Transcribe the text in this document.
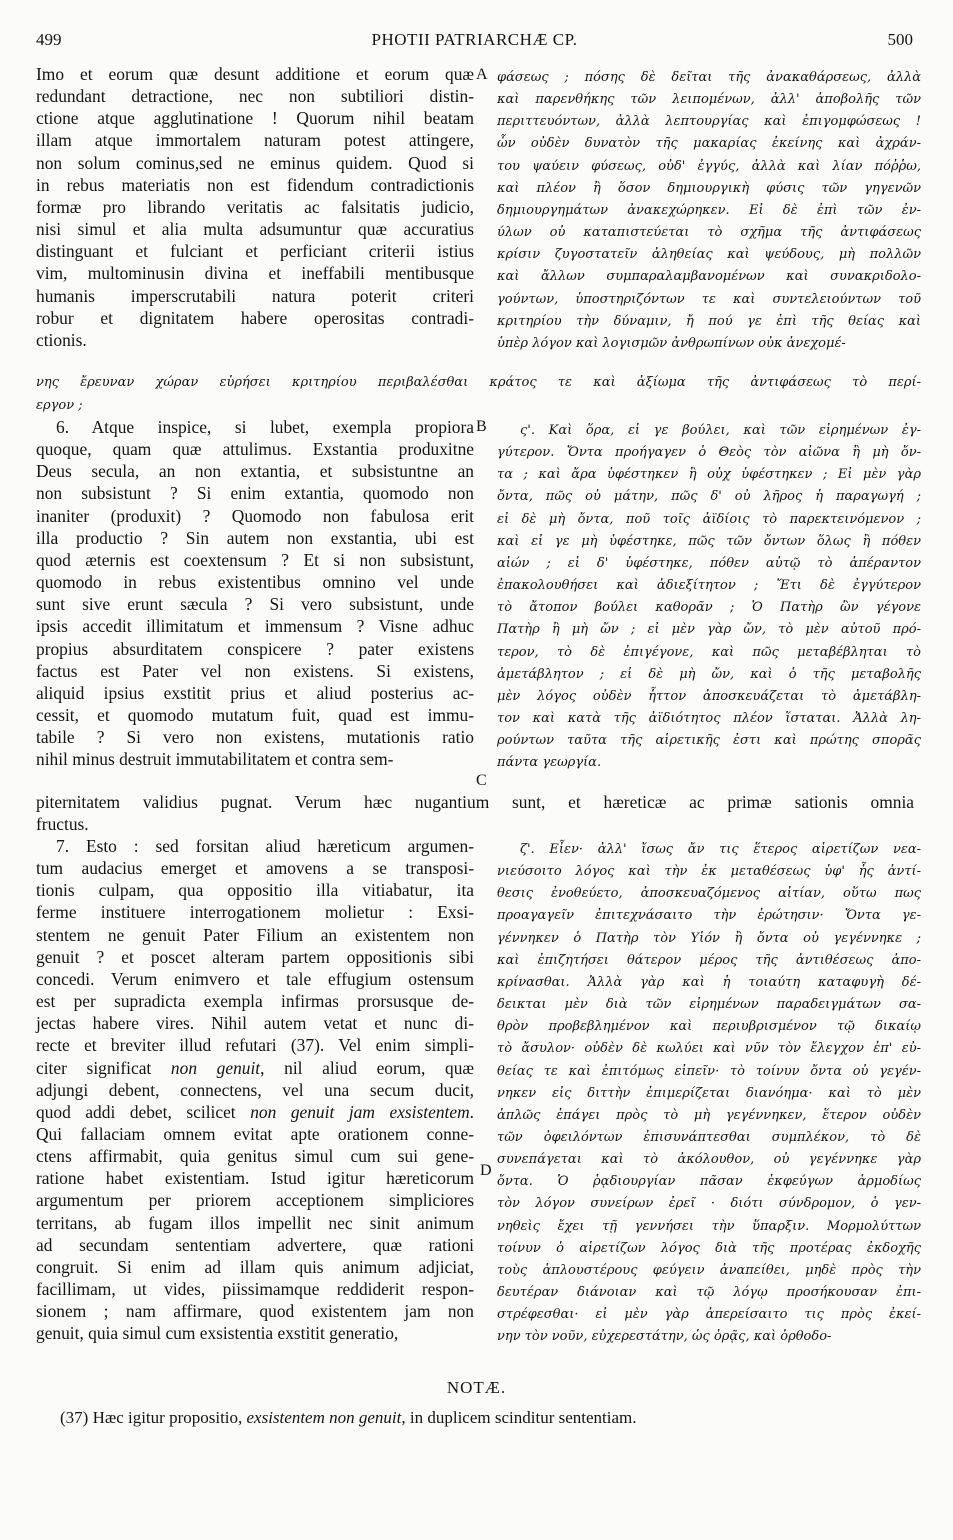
499	PHOTII PATRIARCHÆ CP.	500
Imo et eorum quæ desunt additione et eorum quæ
redundant detractione, nec non subtiliori distin-
ctione atque agglutinatione ! Quorum nihil beatam
illam atque immortalem naturam potest attingere,
non solum cominus,sed ne eminus quidem. Quod si
in rebus materiatis non est fidendum contradictionis
formæ pro librando veritatis ac falsitatis judicio,
nisi simul et alia multa adsumuntur quæ accuratius
distinguant et fulciant et perficiant criterii istius
vim, multominusin divina et ineffabili mentibusque
humanis imperscrutabili natura poterit criteri
robur et dignitatem habere operositas contradi-
ctionis.
φάσεως ; πόσης δὲ δεῖται τῆς ἀνακαθάρσεως, ἀλλὰ
καὶ παρενθήκης τῶν λειπομένων, ἀλλ' ἀποβολῆς τῶν
περιττευόντων, ἀλλὰ λεπτουργίας καὶ ἐπιγομφώσεως !
ὧν οὐδὲν δυνατὸν τῆς μακαρίας ἐκείνης καὶ ἀχράν-
του ψαύειν φύσεως, οὐδ' ἐγγύς, ἀλλὰ καὶ λίαν πόῤῥω,
καὶ πλέον ἢ ὅσον δημιουργικὴ φύσις τῶν γηγενῶν
δημιουργημάτων ἀνακεχώρηκεν. Εἰ δὲ ἐπὶ τῶν ἐν-
ύλων οὐ καταπιστεύεται τὸ σχῆμα τῆς ἀντιφάσεως
κρίσιν ζυγοστατεῖν ἀληθείας καὶ ψεύδους, μὴ πολλῶν
καὶ ἄλλων συμπαραλαμβανομένων καὶ συνακριδολο-
γούντων, ὑποστηριζόντων τε καὶ συντελειούντων τοῦ
κριτηρίου τὴν δύναμιν, ἤ πού γε ἐπὶ τῆς θείας καὶ
ὑπὲρ λόγον καὶ λογισμῶν ἀνθρωπίνων οὐκ ἀνεχομέ-
νης ἔρευναν χώραν εὑρήσει κριτηρίου περιβαλέσθαι κράτος τε καὶ ἀξίωμα τῆς ἀντιφάσεως τὸ περί-
εργον ;
6. Atque inspice, si lubet, exempla propiora
quoque, quam quæ attulimus. Exstantia produxitne
Deus secula, an non extantia, et subsistuntne an
non subsistunt ? Si enim extantia, quomodo non
inaniter (produxit) ? Quomodo non fabulosa erit
illa productio ? Sin autem non exstantia, ubi est
quod æternis est coextensum ? Et si non subsistunt,
quomodo in rebus existentibus omnino vel unde
sunt sive erunt sæcula ? Si vero subsistunt, unde
ipsis accedit illimitatum et immensum ? Visne adhuc
propius absurditatem conspicere ? pater existens
factus est Pater vel non existens. Si existens,
aliquid ipsius exstitit prius et aliud posterius ac-
cessit, et quomodo mutatum fuit, quad est immu-
tabile ? Si vero non existens, mutationis ratio
nihil minus destruit immutabilitatem et contra sem-
ς'. Καὶ ὅρα, εἰ γε βούλει, καὶ τῶν εἰρημένων ἐγ-
γύτερον. Ὄντα προήγαγεν ὁ Θεὸς τὸν αἰῶνα ἢ μὴ ὄν-
τα ; καὶ ἄρα ὑφέστηκεν ἢ οὐχ ὑφέστηκεν ; Εἰ μὲν γὰρ
ὄντα, πῶς οὐ μάτην, πῶς δ' οὐ λῆρος ἡ παραγωγή ;
εἰ δὲ μὴ ὄντα, ποῦ τοῖς ἀϊδίοις τὸ παρεκτεινόμενον ;
καὶ εἰ γε μὴ ὑφέστηκε, πῶς τῶν ὄντων ὅλως ἢ πόθεν
αἰών ; εἰ δ' ὑφέστηκε, πόθεν αὐτῷ τὸ ἀπέραντον
ἐπακολουθήσει καὶ ἀδιεξίτητον ; Ἔτι δὲ ἐγγύτερον
τὸ ἄτοπον βούλει καθορᾶν ; Ὁ Πατὴρ ὢν γέγονε
Πατὴρ ἢ μὴ ὤν ; εἰ μὲν γὰρ ὤν, τὸ μὲν αὐτοῦ πρό-
τερον, τὸ δὲ ἐπιγέγονε, καὶ πῶς μεταβέβληται τὸ
ἀμετάβλητον ; εἰ δὲ μὴ ὤν, καὶ ὁ τῆς μεταβολῆς
μὲν λόγος οὐδὲν ἧττον ἀποσκευάζεται τὸ ἀμετάβλη-
τον καὶ κατὰ τῆς ἀϊδιότητος πλέον ἵσταται. Ἀλλὰ λη-
ρούντων ταῦτα τῆς αἱρετικῆς ἐστι καὶ πρώτης σπορᾶς
πάντα γεωργία.
piternitatem validius pugnat. Verum hæc nugantium sunt, et hæreticæ ac primæ sationis omnia
fructus.
7. Esto : sed forsitan aliud hæreticum argumen-
tum audacius emerget et amovens a se transposi-
tionis culpam, qua oppositio illa vitiabatur, ita
ferme instituere interrogationem molietur : Exsi-
stentem ne genuit Pater Filium an existentem non
genuit ? et poscet alteram partem oppositionis sibi
concedi. Verum enimvero et tale effugium ostensum
est per supradicta exempla infirmas prorsusque de-
jectas habere vires. Nihil autem vetat et nunc di-
recte et breviter illud refutari (37). Vel enim simpli-
citer significat non genuit, nil aliud eorum, quæ
adjungi debent, connectens, vel una secum ducit,
quod addi debet, scilicet non genuit jam exsistentem.
Qui fallaciam omnem evitat apte orationem conne-
ctens affirmabit, quia genitus simul cum sui gene-
ratione habet existentiam. Istud igitur hæreticorum
argumentum per priorem acceptionem simpliciores
territans, ab fugam illos impellit nec sinit animum
ad secundam sententiam advertere, quæ rationi
congruit. Si enim ad illam quis animum adjiciat,
facillimam, ut vides, piissimamque reddiderit respon-
sionem ; nam affirmare, quod existentem jam non
genuit, quia simul cum exsistentia exstitit generatio,
ζ'. Εἶεν· ἀλλ' ἴσως ἄν τις ἕτερος αἱρετίζων νεα-
νιεύσοιτο λόγος καὶ τὴν ἐκ μεταθέσεως ὑφ' ἧς ἀντί-
θεσις ἐνοθεύετο, ἀποσκευαζόμενος αἰτίαν, οὕτω πως
προαγαγεῖν ἐπιτεχνάσαιτο τὴν ἐρώτησιν· Ὄντα γε-
γέννηκεν ὁ Πατὴρ τὸν Υἱόν ἢ ὄντα οὐ γεγέννηκε ;
καὶ ἐπιζητήσει θάτερον μέρος τῆς ἀντιθέσεως ἀπο-
κρίνασθαι. Ἀλλὰ γὰρ καὶ ἡ τοιαύτη καταφυγὴ δέ-
δεικται μὲν διὰ τῶν εἰρημένων παραδειγμάτων σα-
θρὸν προβεβλημένον καὶ περιυβρισμένον τῷ δικαίῳ
τὸ ἄσυλον· οὐδὲν δὲ κωλύει καὶ νῦν τὸν ἔλεγχον ἐπ' εὐ-
θείας τε καὶ ἐπιτόμως εἰπεῖν· τὸ τοίνυν ὄντα οὐ γεγέν-
νηκεν εἰς διττὴν ἐπιμερίζεται διανόημα· καὶ τὸ μὲν
ἁπλῶς ἐπάγει πρὸς τὸ μὴ γεγέννηκεν, ἕτερον οὐδὲν
τῶν ὀφειλόντων ἐπισυνάπτεσθαι συμπλέκον, τὸ δὲ
συνεπάγεται καὶ τὸ ἀκόλουθον, οὐ γεγέννηκε γὰρ
ὄντα. Ὁ ῥᾳδιουργίαν πᾶσαν ἐκφεύγων ἁρμοδίως
τὸν λόγον συνείρων ἐρεῖ · διότι σύνδρομον, ὁ γεν-
νηθεὶς ἔχει τῇ γεννήσει τὴν ὕπαρξιν. Μορμολύττων
τοίνυν ὁ αἱρετίζων λόγος διὰ τῆς προτέρας ἐκδοχῆς
τοὺς ἁπλουστέρους φεύγειν ἀναπείθει, μηδὲ πρὸς τὴν
δευτέραν διάνοιαν καὶ τῷ λόγῳ προσήκουσαν ἐπι-
στρέφεσθαι· εἰ μὲν γὰρ ἀπερείσαιτο τις πρὸς ἐκεί-
νην τὸν νοῦν, εὐχερεστάτην, ὡς ὁρᾷς, καὶ ὀρθοδο-
A
B
C
D
NOTÆ.
(37) Hæc igitur propositio, exsistentem non genuit, in duplicem scinditur sententiam.
